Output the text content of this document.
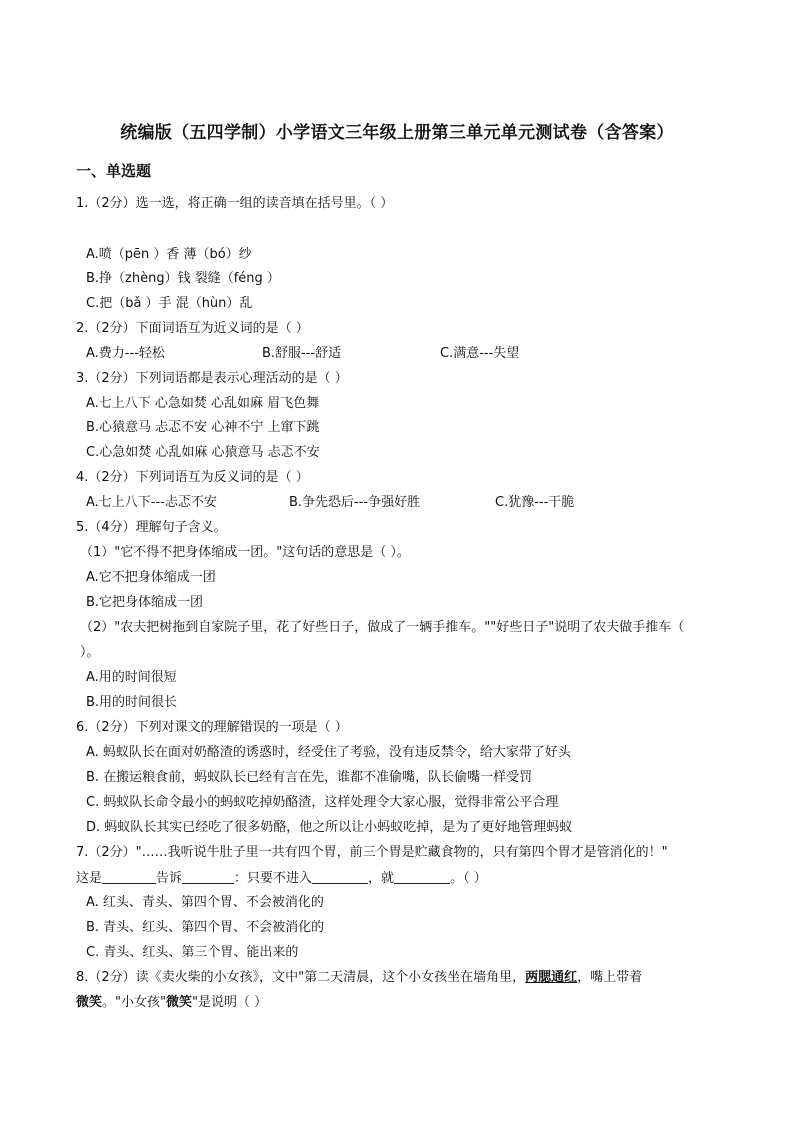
统编版（五四学制）小学语文三年级上册第三单元单元测试卷（含答案）
一、单选题
1.（2分）选一选，将正确一组的读音填在括号里。（ ）
A.喷（pēn ）香 薄（bó）纱
B.挣（zhèng）钱 裂缝（féng ）
C.把（bǎ ）手 混（hùn）乱
2.（2分）下面词语互为近义词的是（ ）
A.费力---轻松	B.舒服---舒适	C.满意---失望
3.（2分）下列词语都是表示心理活动的是（ ）
A.七上八下 心急如焚 心乱如麻 眉飞色舞
B.心猿意马 忐忑不安 心神不宁 上窜下跳
C.心急如焚 心乱如麻 心猿意马 忐忑不安
4.（2分）下列词语互为反义词的是（ ）
A.七上八下---忐忑不安	B.争先恐后---争强好胜	C.犹豫---干脆
5.（4分）理解句子含义。
（1）"它不得不把身体缩成一团。"这句话的意思是（ ）。
A.它不把身体缩成一团
B.它把身体缩成一团
（2）"农夫把树拖到自家院子里，花了好些日子，做成了一辆手推车。""好些日子"说明了农夫做手推车（
）。
A.用的时间很短
B.用的时间很长
6.（2分）下列对课文的理解错误的一项是（ ）
A. 蚂蚁队长在面对奶酪渣的诱惑时，经受住了考验，没有违反禁令，给大家带了好头
B. 在搬运粮食前，蚂蚁队长已经有言在先，谁都不准偷嘴，队长偷嘴一样受罚
C. 蚂蚁队长命令最小的蚂蚁吃掉奶酪渣，这样处理令大家心服，觉得非常公平合理
D. 蚂蚁队长其实已经吃了很多奶酪，他之所以让小蚂蚁吃掉，是为了更好地管理蚂蚁
7.（2分）"……我听说牛肚子里一共有四个胃，前三个胃是贮藏食物的，只有第四个胃才是管消化的！"
这是	告诉	：只要不进入	，就	。（ ）
A. 红头、青头、第四个胃、不会被消化的
B. 青头、红头、第四个胃、不会被消化的
C. 青头、红头、第三个胃、能出来的
8.（2分）读《卖火柴的小女孩》，文中"第二天清晨，这个小女孩坐在墙角里，两腮通红，嘴上带着
微笑。"小女孩"微笑"是说明（ ）
